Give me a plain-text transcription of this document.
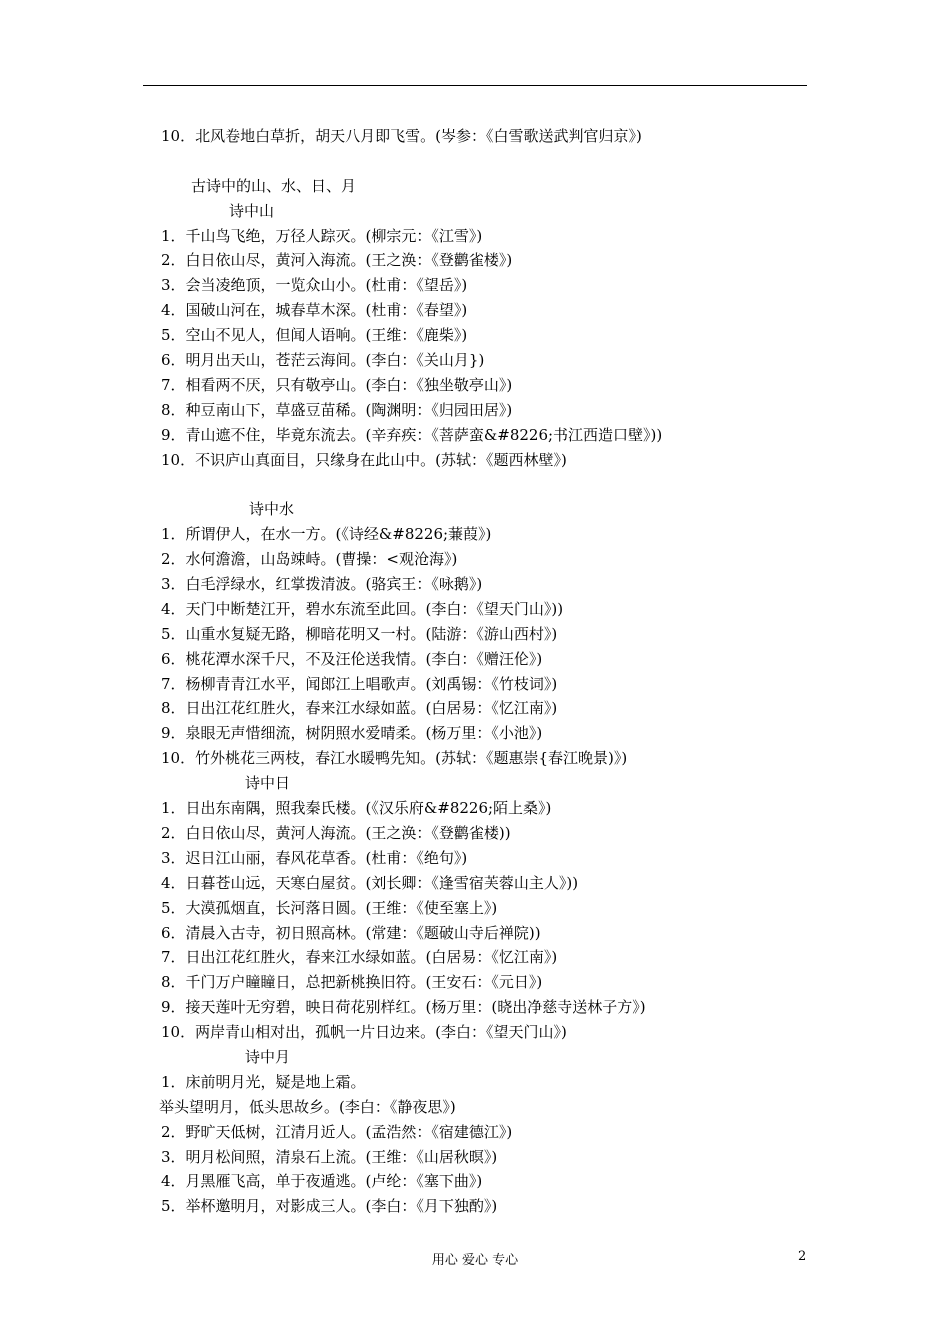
10．北风卷地白草折，胡天八月即飞雪。(岑参：《白雪歌送武判官归京》)
古诗中的山、水、日、月
诗中山
1．千山鸟飞绝，万径人踪灭。(柳宗元：《江雪》)
2．白日依山尽，黄河入海流。(王之涣：《登鹳雀楼》)
3．会当凌绝顶，一览众山小。(杜甫：《望岳》)
4．国破山河在，城春草木深。(杜甫：《春望》)
5．空山不见人，但闻人语响。(王维：《鹿柴》)
6．明月出天山，苍茫云海间。(李白：《关山月})
7．相看两不厌，只有敬亭山。(李白：《独坐敬亭山》)
8．种豆南山下，草盛豆苗稀。(陶渊明：《归园田居》)
9．青山遮不住，毕竟东流去。(辛弃疾：《菩萨蛮&#8226;书江西造口壁》))
10．不识庐山真面目，只缘身在此山中。(苏轼：《题西林壁》)
诗中水
1．所谓伊人，在水一方。(《诗经&#8226;蒹葭》)
2．水何澹澹，山岛竦峙。(曹操：<观沧海》)
3．白毛浮绿水，红掌拨清波。(骆宾王：《咏鹅》)
4．天门中断楚江开，碧水东流至此回。(李白：《望天门山》))
5．山重水复疑无路，柳暗花明又一村。(陆游：《游山西村》)
6．桃花潭水深千尺，不及汪伦送我情。(李白：《赠汪伦》)
7．杨柳青青江水平，闻郎江上唱歌声。(刘禹锡：《竹枝词》)
8．日出江花红胜火，春来江水绿如蓝。(白居易：《忆江南》)
9．泉眼无声惜细流，树阴照水爱晴柔。(杨万里：《小池》)
10．竹外桃花三两枝，春江水暖鸭先知。(苏轼：《题惠崇{春江晚景)》)
诗中日
1．日出东南隅，照我秦氏楼。(《汉乐府&#8226;陌上桑》)
2．白日依山尽，黄河人海流。(王之涣：《登鹳雀楼))
3．迟日江山丽，春风花草香。(杜甫：《绝句》)
4．日暮苍山远，天寒白屋贫。(刘长卿：《逢雪宿芙蓉山主人》))
5．大漠孤烟直，长河落日圆。(王维：《使至塞上》)
6．清晨入古寺，初日照高林。(常建：《题破山寺后禅院))
7．日出江花红胜火，春来江水绿如蓝。(白居易：《忆江南》)
8．千门万户瞳瞳日，总把新桃换旧符。(王安石：《元日》)
9．接天莲叶无穷碧，映日荷花别样红。(杨万里：(晓出净慈寺送林子方》)
10．两岸青山相对出，孤帆一片日边来。(李白：《望天门山》)
诗中月
1．床前明月光，疑是地上霜。
举头望明月，低头思故乡。(李白：《静夜思》)
2．野旷天低树，江清月近人。(孟浩然：《宿建德江》)
3．明月松间照，清泉石上流。(王维：《山居秋暝》)
4．月黑雁飞高，单于夜遁逃。(卢纶：《塞下曲》)
5．举杯邀明月，对影成三人。(李白：《月下独酌》)
用心 爱心 专心	2
